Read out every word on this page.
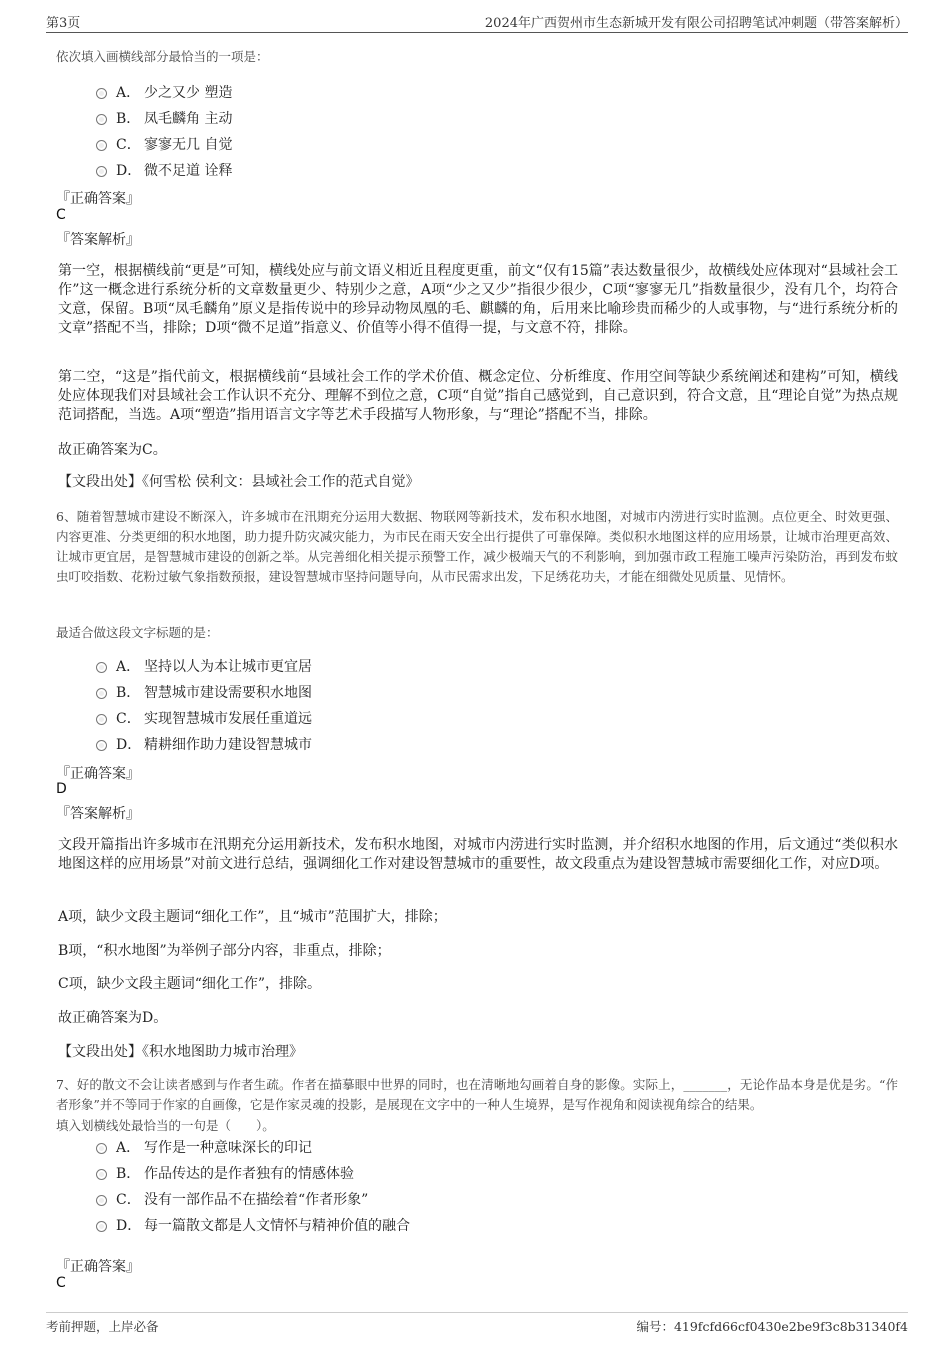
第3页	2024年广西贺州市生态新城开发有限公司招聘笔试冲刺题（带答案解析）
依次填入画横线部分最恰当的一项是：
A． 少之又少 塑造
B． 凤毛麟角 主动
C． 寥寥无几 自觉
D． 微不足道 诠释
『正确答案』
C
『答案解析』
第一空，根据横线前“更是”可知，横线处应与前文语义相近且程度更重，前文“仅有15篇”表达数量很少，故横线处应体现对“县域社会工作”这一概念进行系统分析的文章数量更少、特别少之意，A项“少之又少”指很少很少，C项“寥寥无几”指数量很少，没有几个，均符合文意，保留。B项“凤毛麟角”原义是指传说中的珍异动物凤凰的毛、麒麟的角，后用来比喻珍贵而稀少的人或事物，与“进行系统分析的文章”搭配不当，排除；D项“微不足道”指意义、价值等小得不值得一提，与文意不符，排除。
第二空，“这是”指代前文，根据横线前“县域社会工作的学术价值、概念定位、分析维度、作用空间等缺少系统阐述和建构”可知，横线处应体现我们对县域社会工作认识不充分、理解不到位之意，C项“自觉”指自己感觉到，自己意识到，符合文意，且“理论自觉”为热点规范词搭配，当选。A项“塑造”指用语言文字等艺术手段描写人物形象，与“理论”搭配不当，排除。
故正确答案为C。
【文段出处】《何雪松 侯利文：县域社会工作的范式自觉》
6、随着智慧城市建设不断深入，许多城市在汛期充分运用大数据、物联网等新技术，发布积水地图，对城市内涝进行实时监测。点位更全、时效更强、内容更准、分类更细的积水地图，助力提升防灾减灾能力，为市民在雨天安全出行提供了可靠保障。类似积水地图这样的应用场景，让城市治理更高效、让城市更宜居，是智慧城市建设的创新之举。从完善细化相关提示预警工作，减少极端天气的不利影响，到加强市政工程施工噪声污染防治，再到发布蚊虫叮咬指数、花粉过敏气象指数预报，建设智慧城市坚持问题导向，从市民需求出发，下足绣花功夫，才能在细微处见质量、见情怀。
最适合做这段文字标题的是：
A． 坚持以人为本让城市更宜居
B． 智慧城市建设需要积水地图
C． 实现智慧城市发展任重道远
D． 精耕细作助力建设智慧城市
『正确答案』
D
『答案解析』
文段开篇指出许多城市在汛期充分运用新技术，发布积水地图，对城市内涝进行实时监测，并介绍积水地图的作用，后文通过“类似积水地图这样的应用场景”对前文进行总结，强调细化工作对建设智慧城市的重要性，故文段重点为建设智慧城市需要细化工作，对应D项。
A项，缺少文段主题词“细化工作”，且“城市”范围扩大，排除；
B项，“积水地图”为举例子部分内容，非重点，排除；
C项，缺少文段主题词“细化工作”，排除。
故正确答案为D。
【文段出处】《积水地图助力城市治理》
7、好的散文不会让读者感到与作者生疏。作者在描摹眼中世界的同时，也在清晰地勾画着自身的影像。实际上，_______，无论作品本身是优是劣。“作者形象”并不等同于作家的自画像，它是作家灵魂的投影，是展现在文字中的一种人生境界，是写作视角和阅读视角综合的结果。
填入划横线处最恰当的一句是（　　）。
A． 写作是一种意味深长的印记
B． 作品传达的是作者独有的情感体验
C． 没有一部作品不在描绘着“作者形象”
D． 每一篇散文都是人文情怀与精神价值的融合
『正确答案』
C
考前押题，上岸必备	编号：419fcfd66cf0430e2be9f3c8b31340f4
